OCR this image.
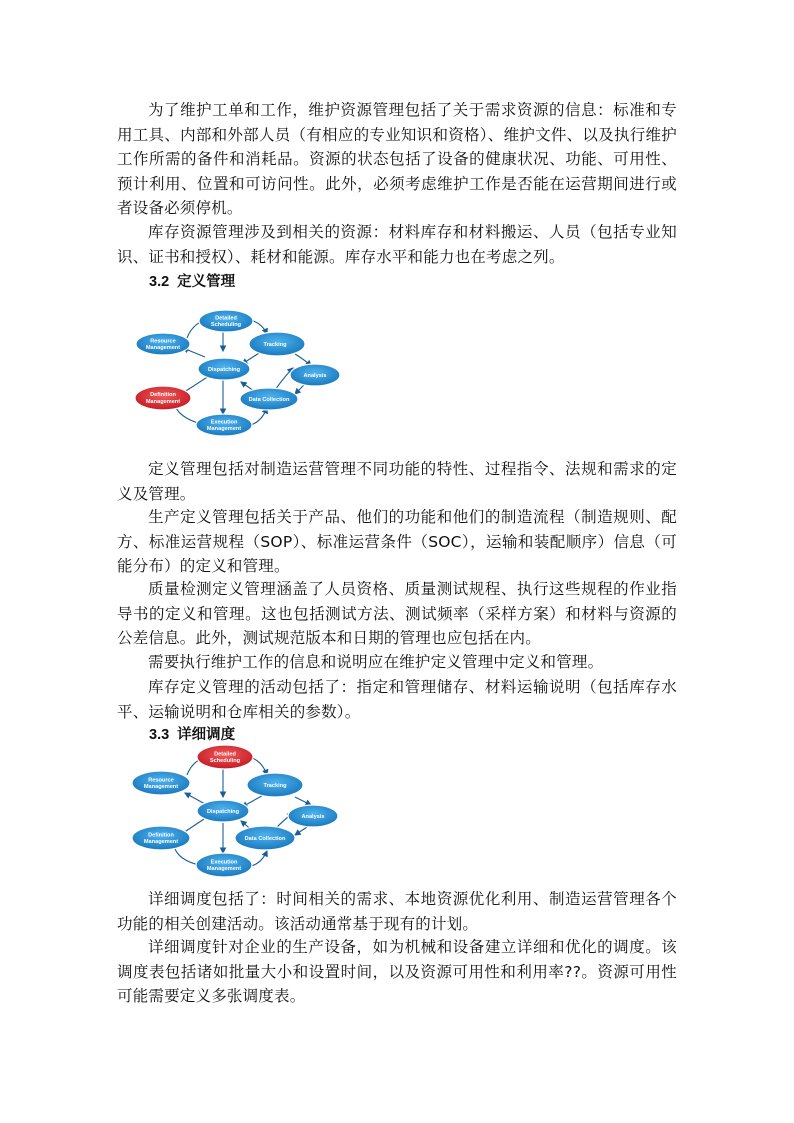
为了维护工单和工作，维护资源管理包括了关于需求资源的信息：标准和专用工具、内部和外部人员（有相应的专业知识和资格）、维护文件、以及执行维护工作所需的备件和消耗品。资源的状态包括了设备的健康状况、功能、可用性、预计利用、位置和可访问性。此外，必须考虑维护工作是否能在运营期间进行或者设备必须停机。

库存资源管理涉及到相关的资源：材料库存和材料搬运、人员（包括专业知识、证书和授权）、耗材和能源。库存水平和能力也在考虑之列。

3.2 定义管理
Detailed
Scheduling
Resource
Management
Dispatching
Tracking
Analysis
Definition
Management	Data Collection
Execution
Management

定义管理包括对制造运营管理不同功能的特性、过程指令、法规和需求的定义及管理。

生产定义管理包括关于产品、他们的功能和他们的制造流程（制造规则、配方、标准运营规程（SOP）、标准运营条件（SOC），运输和装配顺序）信息（可能分布）的定义和管理。

质量检测定义管理涵盖了人员资格、质量测试规程、执行这些规程的作业指导书的定义和管理。这也包括测试方法、测试频率（采样方案）和材料与资源的公差信息。此外，测试规范版本和日期的管理也应包括在内。

需要执行维护工作的信息和说明应在维护定义管理中定义和管理。

库存定义管理的活动包括了：指定和管理储存、材料运输说明（包括库存水平、运输说明和仓库相关的参数）。

3.3 详细调度
Detailed
Scheduling
Resource
Management
Dispatching
Tracking
Analysis
Definition
Management	Data Collection
Execution
Management

详细调度包括了：时间相关的需求、本地资源优化利用、制造运营管理各个功能的相关创建活动。该活动通常基于现有的计划。

详细调度针对企业的生产设备，如为机械和设备建立详细和优化的调度。该调度表包括诸如批量大小和设置时间，以及资源可用性和利用率??。资源可用性可能需要定义多张调度表。
